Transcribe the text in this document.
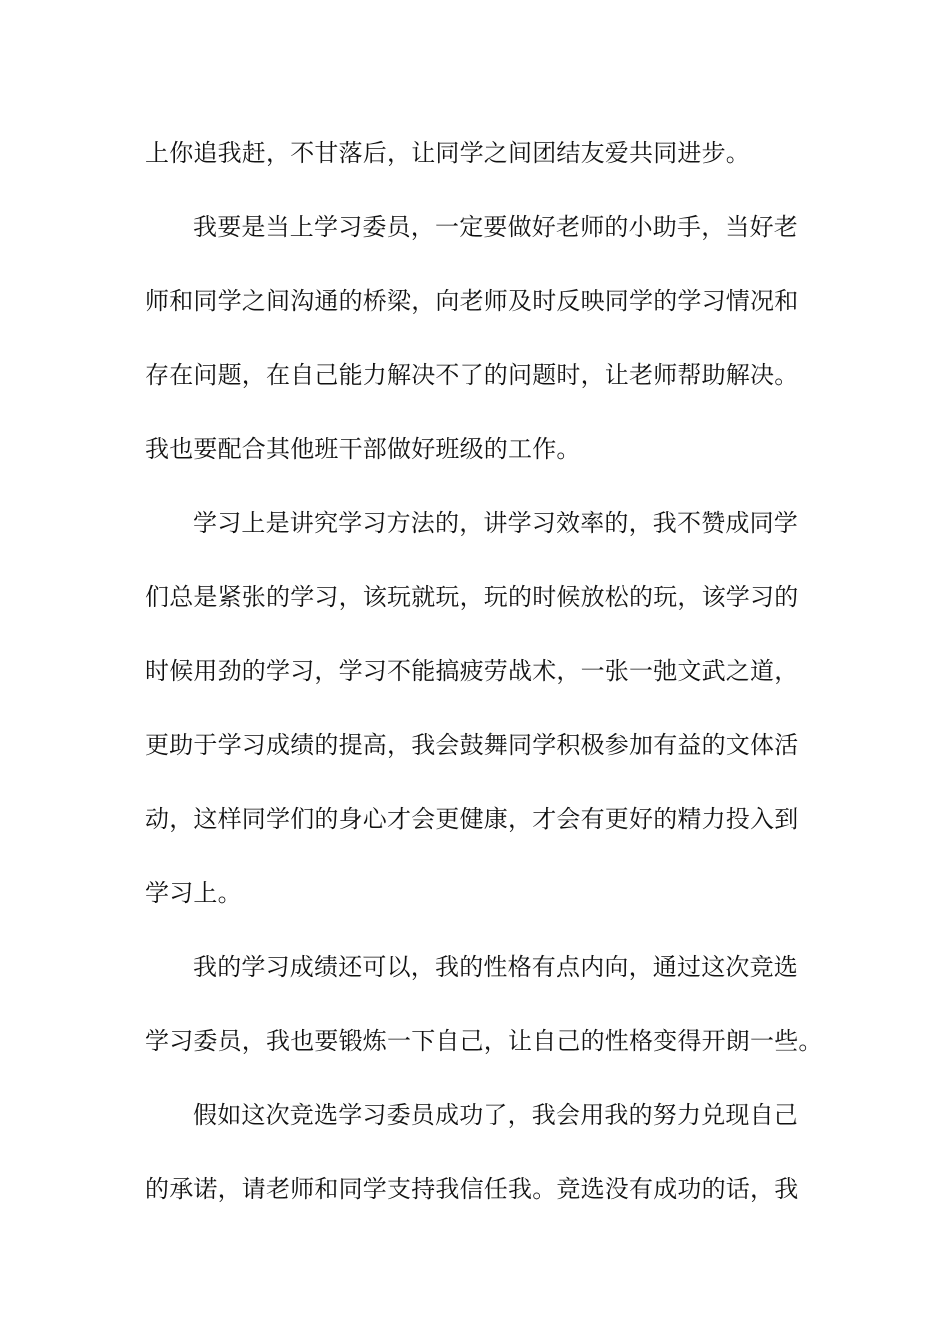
上你追我赶，不甘落后，让同学之间团结友爱共同进步。
我要是当上学习委员，一定要做好老师的小助手，当好老
师和同学之间沟通的桥梁，向老师及时反映同学的学习情况和
存在问题，在自己能力解决不了的问题时，让老师帮助解决。
我也要配合其他班干部做好班级的工作。
学习上是讲究学习方法的，讲学习效率的，我不赞成同学
们总是紧张的学习，该玩就玩，玩的时候放松的玩，该学习的
时候用劲的学习，学习不能搞疲劳战术，一张一弛文武之道，
更助于学习成绩的提高，我会鼓舞同学积极参加有益的文体活
动，这样同学们的身心才会更健康，才会有更好的精力投入到
学习上。
我的学习成绩还可以，我的性格有点内向，通过这次竞选
学习委员，我也要锻炼一下自己，让自己的性格变得开朗一些。
假如这次竞选学习委员成功了，我会用我的努力兑现自己
的承诺，请老师和同学支持我信任我。竞选没有成功的话，我
